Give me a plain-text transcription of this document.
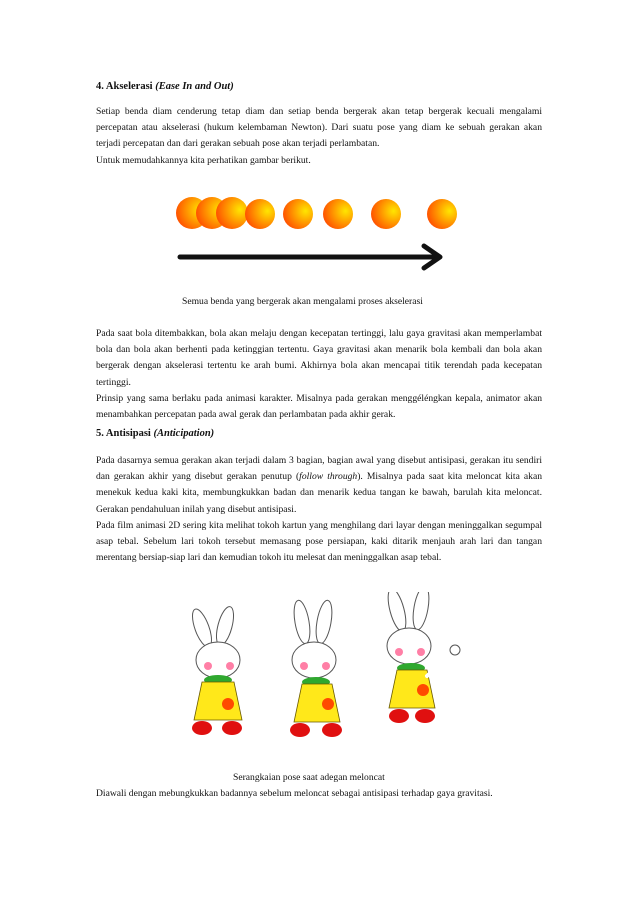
4. Akselerasi (Ease In and Out)

Setiap benda diam cenderung tetap diam dan setiap benda bergerak akan tetap bergerak kecuali mengalami percepatan atau akselerasi (hukum kelembaman Newton). Dari suatu pose yang diam ke sebuah gerakan akan terjadi percepatan dan dari gerakan sebuah pose akan terjadi perlambatan.

Untuk memudahkannya kita perhatikan gambar berikut.

Semua benda yang bergerak akan mengalami proses akselerasi

Pada saat bola ditembakkan, bola akan melaju dengan kecepatan tertinggi, lalu gaya gravitasi akan memperlambat bola dan bola akan berhenti pada ketinggian tertentu. Gaya gravitasi akan menarik bola kembali dan bola akan bergerak dengan akselerasi tertentu ke arah bumi. Akhirnya bola akan mencapai titik terendah pada kecepatan tertinggi.

Prinsip yang sama berlaku pada animasi karakter. Misalnya pada gerakan menggéléngkan kepala, animator akan menambahkan percepatan pada awal gerak dan perlambatan pada akhir gerak.

5. Antisipasi (Anticipation)

Pada dasarnya semua gerakan akan terjadi dalam 3 bagian, bagian awal yang disebut antisipasi, gerakan itu sendiri dan gerakan akhir yang disebut gerakan penutup (follow through). Misalnya pada saat kita meloncat kita akan menekuk kedua kaki kita, membungkukkan badan dan menarik kedua tangan ke bawah, barulah kita meloncat. Gerakan pendahuluan inilah yang disebut antisipasi.

Pada film animasi 2D sering kita melihat tokoh kartun yang menghilang dari layar dengan meninggalkan segumpal asap tebal. Sebelum lari tokoh tersebut memasang pose persiapan, kaki ditarik menjauh arah lari dan tangan merentang bersiap-siap lari dan kemudian tokoh itu melesat dan meninggalkan asap tebal.

Serangkaian pose saat adegan meloncat
Diawali dengan mebungkukkan badannya sebelum meloncat sebagai antisipasi terhadap gaya gravitasi.
